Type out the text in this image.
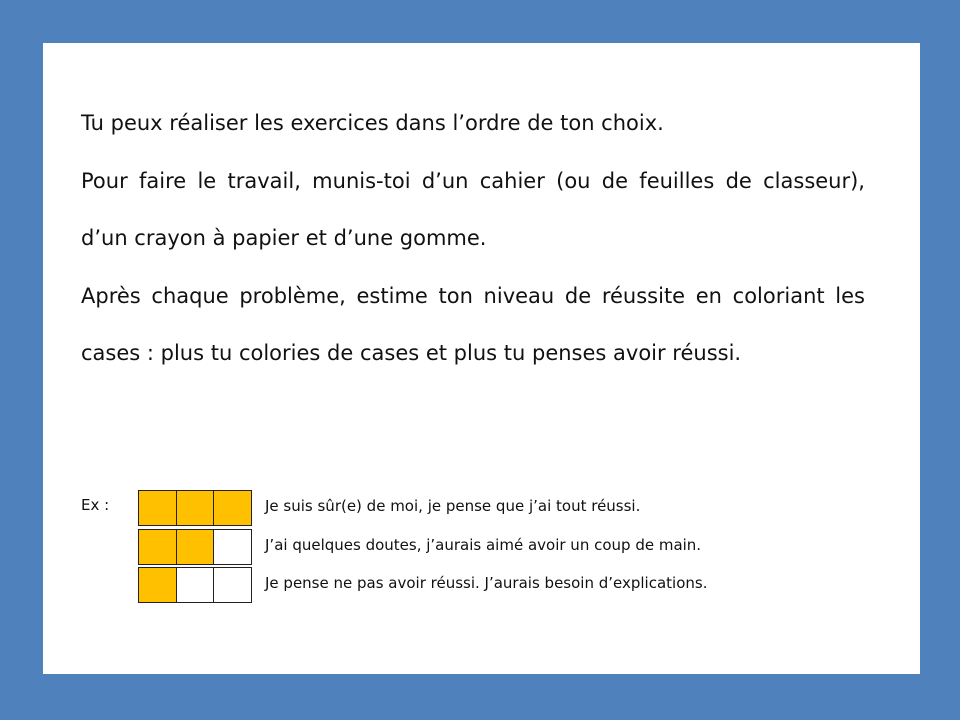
Tu peux réaliser les exercices dans l’ordre de ton choix.

Pour faire le travail, munis-toi d’un cahier (ou de feuilles de classeur), d’un crayon à papier et d’une gomme.

Après chaque problème, estime ton niveau de réussite en coloriant les cases : plus tu colories de cases et plus tu penses avoir réussi.

Ex :	Je suis sûr(e) de moi, je pense que j’ai tout réussi.
J’ai quelques doutes, j’aurais aimé avoir un coup de main.
Je pense ne pas avoir réussi. J’aurais besoin d’explications.
